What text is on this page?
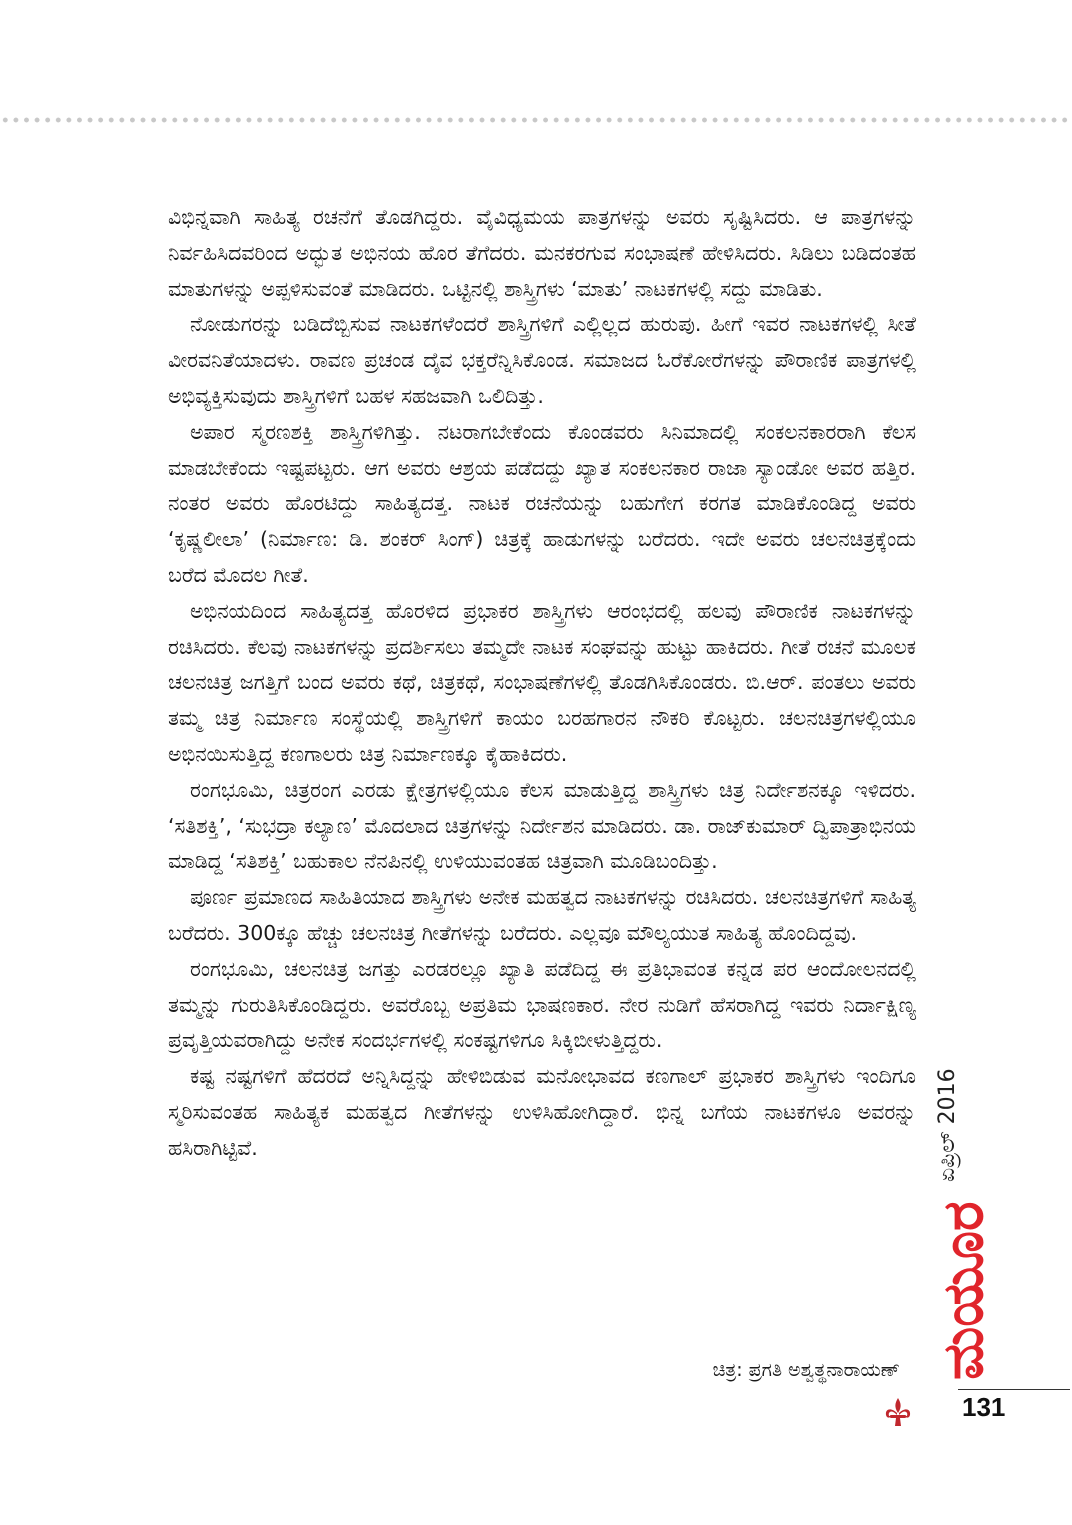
ವಿಭಿನ್ನವಾಗಿ ಸಾಹಿತ್ಯ ರಚನೆಗೆ ತೊಡಗಿದ್ದರು. ವೈವಿಧ್ಯಮಯ ಪಾತ್ರಗಳನ್ನು ಅವರು ಸೃಷ್ಟಿಸಿದರು. ಆ ಪಾತ್ರಗಳನ್ನು ನಿರ್ವಹಿಸಿದವರಿಂದ ಅದ್ಭುತ ಅಭಿನಯ ಹೊರ ತೆಗೆದರು. ಮನಕರಗುವ ಸಂಭಾಷಣೆ ಹೇಳಿಸಿದರು. ಸಿಡಿಲು ಬಡಿದಂತಹ ಮಾತುಗಳನ್ನು ಅಪ್ಪಳಿಸುವಂತೆ ಮಾಡಿದರು. ಒಟ್ಟಿನಲ್ಲಿ ಶಾಸ್ತ್ರಿಗಳು ‘ಮಾತು’ ನಾಟಕಗಳಲ್ಲಿ ಸದ್ದು ಮಾಡಿತು.

ನೋಡುಗರನ್ನು ಬಡಿದೆಬ್ಬಿಸುವ ನಾಟಕಗಳೆಂದರೆ ಶಾಸ್ತ್ರಿಗಳಿಗೆ ಎಲ್ಲಿಲ್ಲದ ಹುರುಪು. ಹೀಗೆ ಇವರ ನಾಟಕಗಳಲ್ಲಿ ಸೀತೆ ವೀರವನಿತೆಯಾದಳು. ರಾವಣ ಪ್ರಚಂಡ ದೈವ ಭಕ್ತರೆನ್ನಿಸಿಕೊಂಡ. ಸಮಾಜದ ಓರೆಕೋರೆಗಳನ್ನು ಪೌರಾಣಿಕ ಪಾತ್ರಗಳಲ್ಲಿ ಅಭಿವ್ಯಕ್ತಿಸುವುದು ಶಾಸ್ತ್ರಿಗಳಿಗೆ ಬಹಳ ಸಹಜವಾಗಿ ಒಲಿದಿತ್ತು.

ಅಪಾರ ಸ್ಮರಣಶಕ್ತಿ ಶಾಸ್ತ್ರಿಗಳಿಗಿತ್ತು. ನಟರಾಗಬೇಕೆಂದು ಕೊಂಡವರು ಸಿನಿಮಾದಲ್ಲಿ ಸಂಕಲನಕಾರರಾಗಿ ಕೆಲಸ ಮಾಡಬೇಕೆಂದು ಇಷ್ಟಪಟ್ಟರು. ಆಗ ಅವರು ಆಶ್ರಯ ಪಡೆದದ್ದು ಖ್ಯಾತ ಸಂಕಲನಕಾರ ರಾಜಾ ಸ್ಯಾಂಡೋ ಅವರ ಹತ್ತಿರ. ನಂತರ ಅವರು ಹೊರಟಿದ್ದು ಸಾಹಿತ್ಯದತ್ತ. ನಾಟಕ ರಚನೆಯನ್ನು ಬಹುಗೇಗ ಕರಗತ ಮಾಡಿಕೊಂಡಿದ್ದ ಅವರು ‘ಕೃಷ್ಣಲೀಲಾ’ (ನಿರ್ಮಾಣ: ಡಿ. ಶಂಕರ್ ಸಿಂಗ್) ಚಿತ್ರಕ್ಕೆ ಹಾಡುಗಳನ್ನು ಬರೆದರು. ಇದೇ ಅವರು ಚಲನಚಿತ್ರಕ್ಕೆಂದು ಬರೆದ ಮೊದಲ ಗೀತೆ.

ಅಭಿನಯದಿಂದ ಸಾಹಿತ್ಯದತ್ತ ಹೊರಳಿದ ಪ್ರಭಾಕರ ಶಾಸ್ತ್ರಿಗಳು ಆರಂಭದಲ್ಲಿ ಹಲವು ಪೌರಾಣಿಕ ನಾಟಕಗಳನ್ನು ರಚಿಸಿದರು. ಕೆಲವು ನಾಟಕಗಳನ್ನು ಪ್ರದರ್ಶಿಸಲು ತಮ್ಮದೇ ನಾಟಕ ಸಂಘವನ್ನು ಹುಟ್ಟು ಹಾಕಿದರು. ಗೀತೆ ರಚನೆ ಮೂಲಕ ಚಲನಚಿತ್ರ ಜಗತ್ತಿಗೆ ಬಂದ ಅವರು ಕಥೆ, ಚಿತ್ರಕಥೆ, ಸಂಭಾಷಣೆಗಳಲ್ಲಿ ತೊಡಗಿಸಿಕೊಂಡರು. ಬಿ.ಆರ್. ಪಂತಲು ಅವರು ತಮ್ಮ ಚಿತ್ರ ನಿರ್ಮಾಣ ಸಂಸ್ಥೆಯಲ್ಲಿ ಶಾಸ್ತ್ರಿಗಳಿಗೆ ಕಾಯಂ ಬರಹಗಾರನ ನೌಕರಿ ಕೊಟ್ಟರು. ಚಲನಚಿತ್ರಗಳಲ್ಲಿಯೂ ಅಭಿನಯಿಸುತ್ತಿದ್ದ ಕಣಗಾಲರು ಚಿತ್ರ ನಿರ್ಮಾಣಕ್ಕೂ ಕೈಹಾಕಿದರು.

ರಂಗಭೂಮಿ, ಚಿತ್ರರಂಗ ಎರಡು ಕ್ಷೇತ್ರಗಳಲ್ಲಿಯೂ ಕೆಲಸ ಮಾಡುತ್ತಿದ್ದ ಶಾಸ್ತ್ರಿಗಳು ಚಿತ್ರ ನಿರ್ದೇಶನಕ್ಕೂ ಇಳಿದರು. ‘ಸತಿಶಕ್ತಿ’, ‘ಸುಭದ್ರಾ ಕಲ್ಯಾಣ’ ಮೊದಲಾದ ಚಿತ್ರಗಳನ್ನು ನಿರ್ದೇಶನ ಮಾಡಿದರು. ಡಾ. ರಾಜ್‌ಕುಮಾರ್ ದ್ವಿಪಾತ್ರಾಭಿನಯ ಮಾಡಿದ್ದ ‘ಸತಿಶಕ್ತಿ’ ಬಹುಕಾಲ ನೆನಪಿನಲ್ಲಿ ಉಳಿಯುವಂತಹ ಚಿತ್ರವಾಗಿ ಮೂಡಿಬಂದಿತ್ತು.

ಪೂರ್ಣ ಪ್ರಮಾಣದ ಸಾಹಿತಿಯಾದ ಶಾಸ್ತ್ರಿಗಳು ಅನೇಕ ಮಹತ್ವದ ನಾಟಕಗಳನ್ನು ರಚಿಸಿದರು. ಚಲನಚಿತ್ರಗಳಿಗೆ ಸಾಹಿತ್ಯ ಬರೆದರು. 300ಕ್ಕೂ ಹೆಚ್ಚು ಚಲನಚಿತ್ರ ಗೀತೆಗಳನ್ನು ಬರೆದರು. ಎಲ್ಲವೂ ಮೌಲ್ಯಯುತ ಸಾಹಿತ್ಯ ಹೊಂದಿದ್ದವು.

ರಂಗಭೂಮಿ, ಚಲನಚಿತ್ರ ಜಗತ್ತು ಎರಡರಲ್ಲೂ ಖ್ಯಾತಿ ಪಡೆದಿದ್ದ ಈ ಪ್ರತಿಭಾವಂತ ಕನ್ನಡ ಪರ ಆಂದೋಲನದಲ್ಲಿ ತಮ್ಮನ್ನು ಗುರುತಿಸಿಕೊಂಡಿದ್ದರು. ಅವರೊಬ್ಬ ಅಪ್ರತಿಮ ಭಾಷಣಕಾರ. ನೇರ ನುಡಿಗೆ ಹೆಸರಾಗಿದ್ದ ಇವರು ನಿರ್ದಾಕ್ಷಿಣ್ಯ ಪ್ರವೃತ್ತಿಯವರಾಗಿದ್ದು ಅನೇಕ ಸಂದರ್ಭಗಳಲ್ಲಿ ಸಂಕಷ್ಟಗಳಿಗೂ ಸಿಕ್ಕಿಬೀಳುತ್ತಿದ್ದರು.

ಕಷ್ಟ ನಷ್ಟಗಳಿಗೆ ಹೆದರದೆ ಅನ್ನಿಸಿದ್ದನ್ನು ಹೇಳಿಬಿಡುವ ಮನೋಭಾವದ ಕಣಗಾಲ್ ಪ್ರಭಾಕರ ಶಾಸ್ತ್ರಿಗಳು ಇಂದಿಗೂ ಸ್ಮರಿಸುವಂತಹ ಸಾಹಿತ್ಯಕ ಮಹತ್ವದ ಗೀತೆಗಳನ್ನು ಉಳಿಸಿಹೋಗಿದ್ದಾರೆ. ಭಿನ್ನ ಬಗೆಯ ನಾಟಕಗಳೂ ಅವರನ್ನು ಹಸಿರಾಗಿಟ್ಟಿವೆ.

ಚಿತ್ರ: ಪ್ರಗತಿ ಅಶ್ವತ್ಥನಾರಾಯಣ್
ಏಪ್ರಿಲ್ 2016
ಮಯೂರ
131
